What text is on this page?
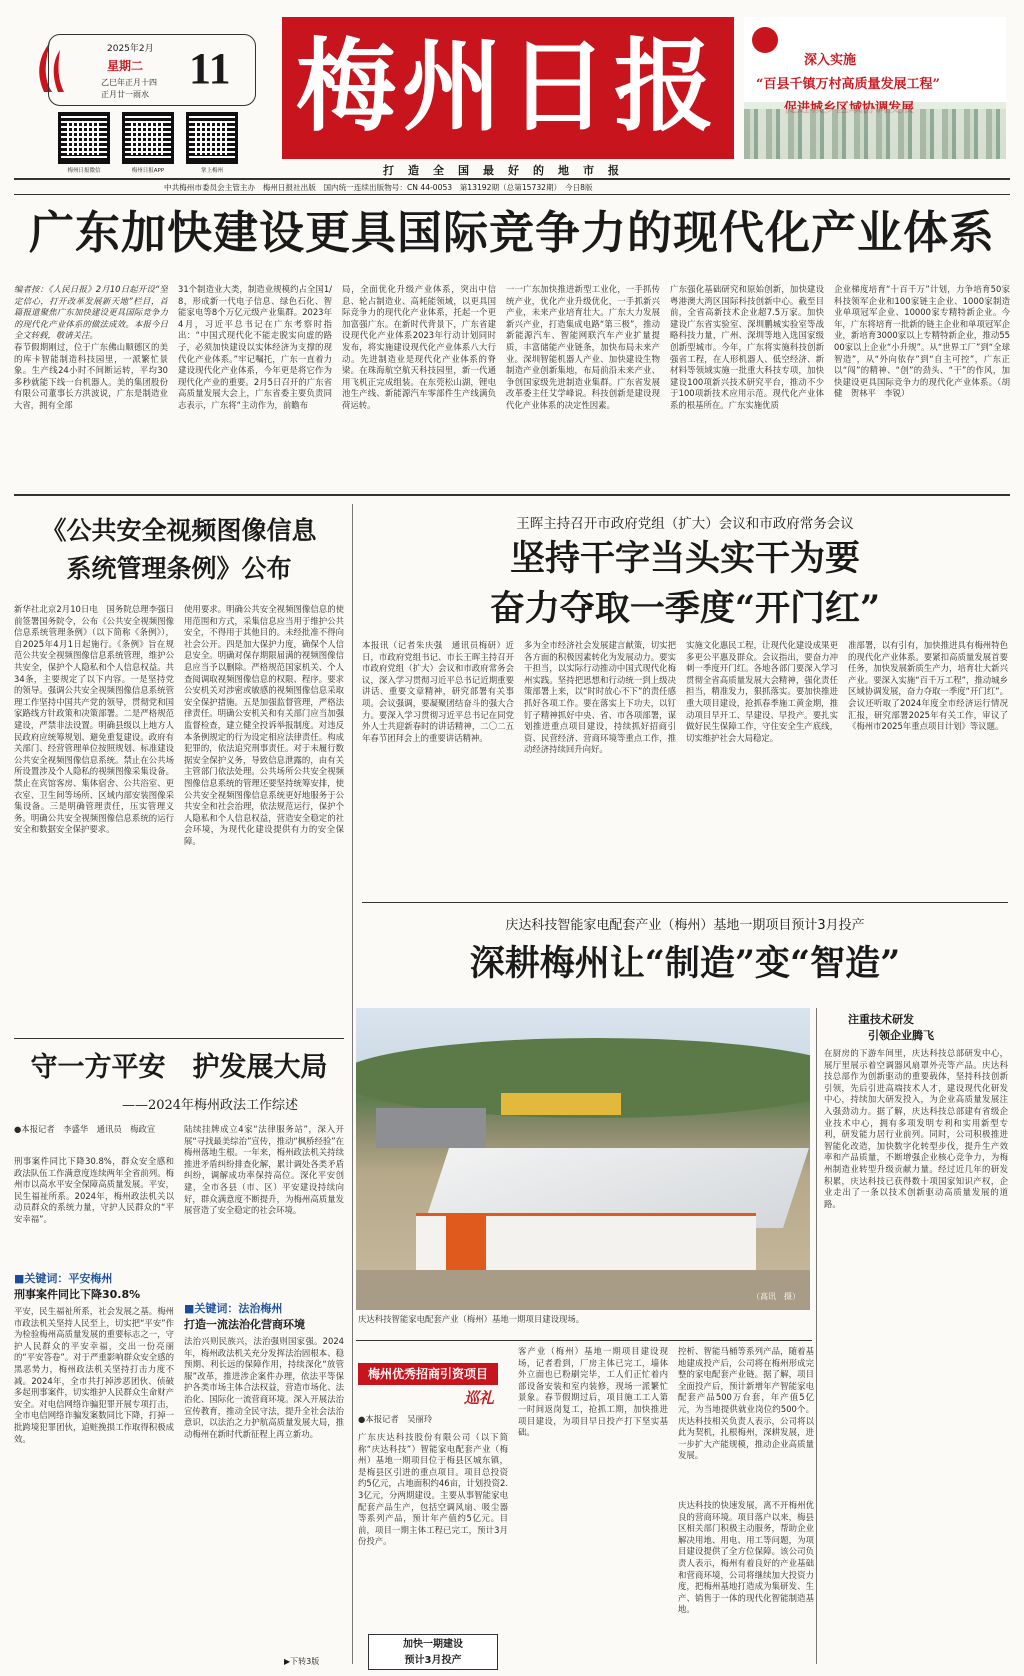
2025年2月
星期二
乙巳年正月十四
正月廿一雨水
11
梅州日报微信	梅州日报APP	掌上梅州
梅州日报
打造全国最好的地市报
深入实施
“百县千镇万村高质量发展工程”
中共梅州市委员会主管主办　梅州日报社出版　国内统一连续出版物号：CN 44-0053　第13192期（总第15732期）　今日8版
广东加快建设更具国际竞争力的现代化产业体系
编者按：《人民日报》2月10日起开设“坚定信心，打开改革发展新天地”栏目，首篇报道聚焦广东加快建设更具国际竞争力的现代化产业体系的做法成效。本报今日全文转载，敬请关注。
春节假期刚过，位于广东佛山顺德区的美的库卡智能制造科技园里，一派繁忙景象。生产线24小时不间断运转，平均30多秒就能下线一台机器人。美的集团股份有限公司董事长方洪波说，广东是制造业大省，拥有全部
31个制造业大类，制造业规模约占全国1/8，形成新一代电子信息、绿色石化、智能家电等8个万亿元级产业集群。2023年4月，习近平总书记在广东考察时指出：“中国式现代化不能走脱实向虚的路子，必须加快建设以实体经济为支撑的现代化产业体系。”牢记嘱托，广东一直着力建设现代化产业体系，今年更是将它作为现代化产业的重要。2月5日召开的广东省高质量发展大会上，广东省委主要负责同志表示，广东将“主动作为，前瞻布
局，全面优化升级产业体系，突出中信息、轮占制造业、高耗能领域，以更具国际竞争力的现代化产业体系，托起一个更加富强广东。在新时代背景下，广东省建设现代化产业体系2023年行动计划同时发布，将实施建设现代化产业体系八大行动。先进制造业是现代化产业体系的脊梁。在珠海航空航天科技园里，新一代通用飞机正完成组装。在东莞松山湖，锂电池生产线、新能源汽车零部件生产线满负荷运转。
一一广东加快推进新型工业化，一手抓传统产业，优化产业升级优化，一手抓新兴产业，未来产业培育壮大。广东大力发展新兴产业，打造集成电路“第三极”，推动新能源汽车、智能网联汽车产业扩量提质，丰富储能产业链条，加快布局未来产业。深圳智能机器人产业、加快建设生物制造产业创新集地，布局前沿未来产业、争创国家级先进制造业集群。广东省发展改革委主任艾学峰说。科技创新是建设现代化产业体系的决定性因素。
广东强化基础研究和原始创新，加快建设粤港澳大湾区国际科技创新中心。截至目前，全省高新技术企业超7.5万家。加快建设广东省实验室、深圳鹏城实验室等战略科技力量，广州、深圳等地入选国家级创新型城市。今年，广东将实施科技创新强省工程，在人形机器人、低空经济、新材料等领域实施一批重大科技专项，加快建设100项新兴技术研究平台，推动不少于100项新技术应用示范。现代化产业体系的根基所在。广东实施优质
企业梯度培育“十百千万”计划，力争培育50家科技领军企业和100家链主企业、1000家制造业单项冠军企业、10000家专精特新企业。今年，广东将培育一批新的链主企业和单项冠军企业，新培育3000家以上专精特新企业，推动5500家以上企业“小升规”。从“世界工厂”到“全球智造”，从“外向依存”到“自主可控”，广东正以“闯”的精神、“创”的劲头、“干”的作风，加快建设更具国际竞争力的现代化产业体系。（胡健　贺林平　李锐）
《公共安全视频图像信息
系统管理条例》公布
新华社北京2月10日电　国务院总理李强日前签署国务院令，公布《公共安全视频图像信息系统管理条例》（以下简称《条例》），自2025年4月1日起施行。《条例》旨在规范公共安全视频图像信息系统管理，维护公共安全，保护个人隐私和个人信息权益。共34条，主要规定了以下内容。一是坚持党的领导。强调公共安全视频图像信息系统管理工作坚持中国共产党的领导，贯彻党和国家路线方针政策和决策部署。二是严格规范建设，严禁非法设置。明确县级以上地方人民政府应统筹规划、避免重复建设。政府有关部门、经营管理单位按照规划、标准建设公共安全视频图像信息系统。禁止在公共场所设置涉及个人隐私的视频图像采集设备。禁止在宾馆客房、集体宿舍、公共浴室、更衣室、卫生间等场所、区域内部安装图像采集设备。三是明确管理责任，压实管理义务。明确公共安全视频图像信息系统的运行安全和数据安全保护要求。
使用要求。明确公共安全视频图像信息的使用范围和方式，采集信息应当用于维护公共安全，不得用于其他目的。未经批准不得向社会公开。四是加大保护力度，确保个人信息安全。明确对保存期限届满的视频图像信息应当予以删除。严格规范国家机关、个人查阅调取视频图像信息的权限、程序。要求公安机关对涉密或敏感的视频图像信息采取安全保护措施。五是加强监督管理，严格法律责任。明确公安机关和有关部门应当加强监督检查，建立健全投诉举报制度。对违反本条例规定的行为设定相应法律责任。构成犯罪的，依法追究刑事责任。对于未履行数据安全保护义务，导致信息泄露的，由有关主管部门依法处理。公共场所公共安全视频图像信息系统的管理还要坚持统筹安排，使公共安全视频图像信息系统更好地服务于公共安全和社会治理，依法规范运行，保护个人隐私和个人信息权益，营造安全稳定的社会环境，为现代化建设提供有力的安全保障。
守一方平安　护发展大局
——2024年梅州政法工作综述
●本报记者　李盛华　通讯员　梅政宣
刑事案件同比下降30.8%，群众安全感和政法队伍工作满意度连续两年全省前列。梅州市以高水平安全保障高质量发展。平安，民生福祉所系。2024年，梅州政法机关以动员群众的系统力量，守护人民群众的“平安幸福”。
■关键词：平安梅州
刑事案件同比下降30.8%
平安，民生福祉所系，社会发展之基。梅州市政法机关坚持人民至上，切实把“平安”作为检验梅州高质量发展的重要标志之一，守护人民群众的平安幸福，交出一份亮丽的“平安答卷”。对于严重影响群众安全感的黑恶势力，梅州政法机关坚持打击力度不减。2024年，全市共打掉涉恶团伙、侦破多起刑事案件，切实维护人民群众生命财产安全。对电信网络诈骗犯罪开展专项打击，全市电信网络诈骗发案数同比下降，打掉一批跨境犯罪团伙，追赃挽损工作取得积极成效。
陆续挂牌成立4家“法律服务站”，深入开展“寻找最美综治”宣传，推动“枫桥经验”在梅州落地生根。一年来，梅州政法机关持续推进矛盾纠纷排查化解，累计调处各类矛盾纠纷，调解成功率保持高位。深化平安创建，全市各县（市、区）平安建设持续向好，群众满意度不断提升，为梅州高质量发展营造了安全稳定的社会环境。
■关键词：法治梅州
打造一流法治化营商环境
法治兴则民族兴，法治强则国家强。2024年，梅州政法机关充分发挥法治固根本、稳预期、利长远的保障作用，持续深化“放管服”改革，推进涉企案件办理，依法平等保护各类市场主体合法权益，营造市场化、法治化、国际化一流营商环境。深入开展法治宣传教育，推动全民守法，提升全社会法治意识，以法治之力护航高质量发展大局，推动梅州在新时代新征程上再立新功。
▶下转3版
王晖主持召开市政府党组（扩大）会议和市政府常务会议
坚持干字当头实干为要
奋力夺取一季度“开门红”
本报讯（记者朱庆强　通讯员梅研）近日，市政府党组书记、市长王晖主持召开市政府党组（扩大）会议和市政府常务会议，深入学习贯彻习近平总书记近期重要讲话、重要文章精神，研究部署有关事项。会议强调，要凝聚团结奋斗的强大合力。要深入学习贯彻习近平总书记在同党外人士共迎新春时的讲话精神，二〇二五年春节团拜会上的重要讲话精神。
多为全市经济社会发展建言献策，切实把各方面的积极因素转化为发展动力。要实干担当，以实际行动推动中国式现代化梅州实践。坚持把思想和行动统一到上级决策部署上来，以“时时放心不下”的责任感抓好各项工作。要在落实上下功夫，以钉钉子精神抓好中央、省、市各项部署，谋划推进重点项目建设，持续抓好招商引资、民营经济、营商环境等重点工作，推动经济持续回升向好。
实施文化惠民工程，让现代化建设成果更多更公平惠及群众。会议指出，要奋力冲刺一季度开门红。各地各部门要深入学习贯彻全省高质量发展大会精神，强化责任担当，精准发力，狠抓落实。要加快推进重大项目建设，抢抓春季施工黄金期，推动项目早开工、早建设、早投产。要扎实做好民生保障工作，守住安全生产底线，切实维护社会大局稳定。
准部署，以有引有，加快推进具有梅州特色的现代化产业体系。要紧扣高质量发展首要任务，加快发展新质生产力，培育壮大新兴产业。要深入实施“百千万工程”，推动城乡区域协调发展，奋力夺取一季度“开门红”。会议还听取了2024年度全市经济运行情况汇报，研究部署2025年有关工作，审议了《梅州市2025年重点项目计划》等议题。
庆达科技智能家电配套产业（梅州）基地一期项目预计3月投产
深耕梅州让“制造”变“智造”
（高讯　摄）
庆达科技智能家电配套产业（梅州）基地一期项目建设现场。
注重技术研发
引领企业腾飞
在厨房的下游车间里，庆达科技总部研发中心，展厅里展示着空调器风扇罩外壳等产品。庆达科技总部作为创新驱动的重要载体，坚持科技创新引领，先后引进高端技术人才，建设现代化研发中心，持续加大研发投入，为企业高质量发展注入强劲动力。据了解，庆达科技总部建有省级企业技术中心，拥有多项发明专利和实用新型专利，研发能力居行业前列。同时，公司积极推进智能化改造，加快数字化转型步伐，提升生产效率和产品质量，不断增强企业核心竞争力，为梅州制造业转型升级贡献力量。经过近几年的研发积累，庆达科技已获得数十项国家知识产权，企业走出了一条以技术创新驱动高质量发展的道路。
梅州优秀招商引资项目
巡礼
●本报记者　吴丽玲
广东庆达科技股份有限公司（以下简称“庆达科技”）智能家电配套产业（梅州）基地一期项目位于梅县区城东镇，是梅县区引进的重点项目。项目总投资约5亿元，占地面积约46亩，计划投资2.3亿元，分两期建设。主要从事智能家电配套产品生产，包括空调风扇、吸尘器等系列产品，预计年产值约5亿元。目前，项目一期主体工程已完工，预计3月份投产。
加快一期建设
预计3月投产
客产业（梅州）基地一期项目建设现场，记者看到，厂房主体已完工，墙体外立面也已粉刷完毕，工人们正忙着内部设备安装和室内装修，现场一派繁忙景象。春节假期过后，项目施工工人第一时间返岗复工，抢抓工期，加快推进项目建设，为项目早日投产打下坚实基础。
控析、智能马桶等系列产品，随着基地建成投产后，公司将在梅州形成完整的家电配套产业链。据了解，项目全面投产后，预计新增年产智能家电配套产品500万台套，年产值5亿元，为当地提供就业岗位约500个。庆达科技相关负责人表示，公司将以此为契机，扎根梅州，深耕发展，进一步扩大产能规模，推动企业高质量发展。
庆达科技的快速发展，离不开梅州优良的营商环境。项目落户以来，梅县区相关部门积极主动服务，帮助企业解决用地、用电、用工等问题，为项目建设提供了全方位保障。该公司负责人表示，梅州有着良好的产业基础和营商环境，公司将继续加大投资力度，把梅州基地打造成为集研发、生产、销售于一体的现代化智能制造基地。
